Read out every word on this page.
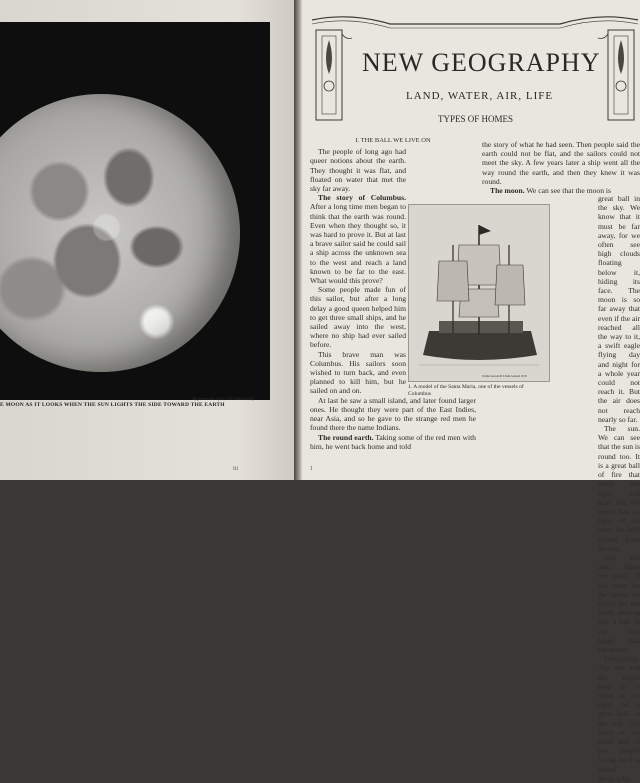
By permission of the Lick Observatory
E MOON AS IT LOOKS WHEN THE SUN LIGHTS THE SIDE TOWARD THE EARTH
iii
NEW GEOGRAPHY
LAND, WATER, AIR, LIFE
TYPES OF HOMES

I. THE BALL WE LIVE ON

The people of long ago had queer notions about the earth. They thought it was flat, and floated on water that met the sky far away.

The story of Columbus. After a long time men began to think that the earth was round. Even when they thought so, it was hard to prove it. But at last a brave sailor said he could sail a ship across the unknown sea to the west and reach a land known to be far to the east. What would this prove?

Some people made fun of this sailor, but after a long delay a good queen helped him to get three small ships, and he sailed away into the west, where no ship had ever sailed before.

This brave man was Columbus. His sailors soon wished to turn back, and even planned to kill him, but he sailed on and on.

At last he saw a small island, and later found larger ones. He thought they were part of the East Indies, near Asia, and so he gave to the strange red men he found there the name Indians.

The round earth. Taking some of the red men with him, he went back home and told

the story of what he had seen. Then people said the earth could not be flat, and the sailors could not meet the sky. A few years later a ship went all the way round the earth, and then they knew it was round.

The moon. We can see that the moon is

Underwood & Underwood, N.Y.
1. A model of the Santa Maria, one of the vessels of Columbus

great ball in the sky. We know that it must be far away, for we often see high clouds floating below it, hiding its face. The moon is so far away that even if the air reached all the way to it, a swift eagle flying day and night for a whole year could not reach it. But the air does not reach nearly so far.

The sun. We can see that the sun is round too. It is a great ball of fire that sends out light and heat. But the moon has no light of its own. Its light comes from the sun.

The sun also lights our earth. If we were on the moon we could see the earth shining like a ball in the sky, larger than the moon.

Geography. The sun and the moon help us to think of the earth as a great ball in the sky. The story of the earth and of the people living on it is called geography.

1
